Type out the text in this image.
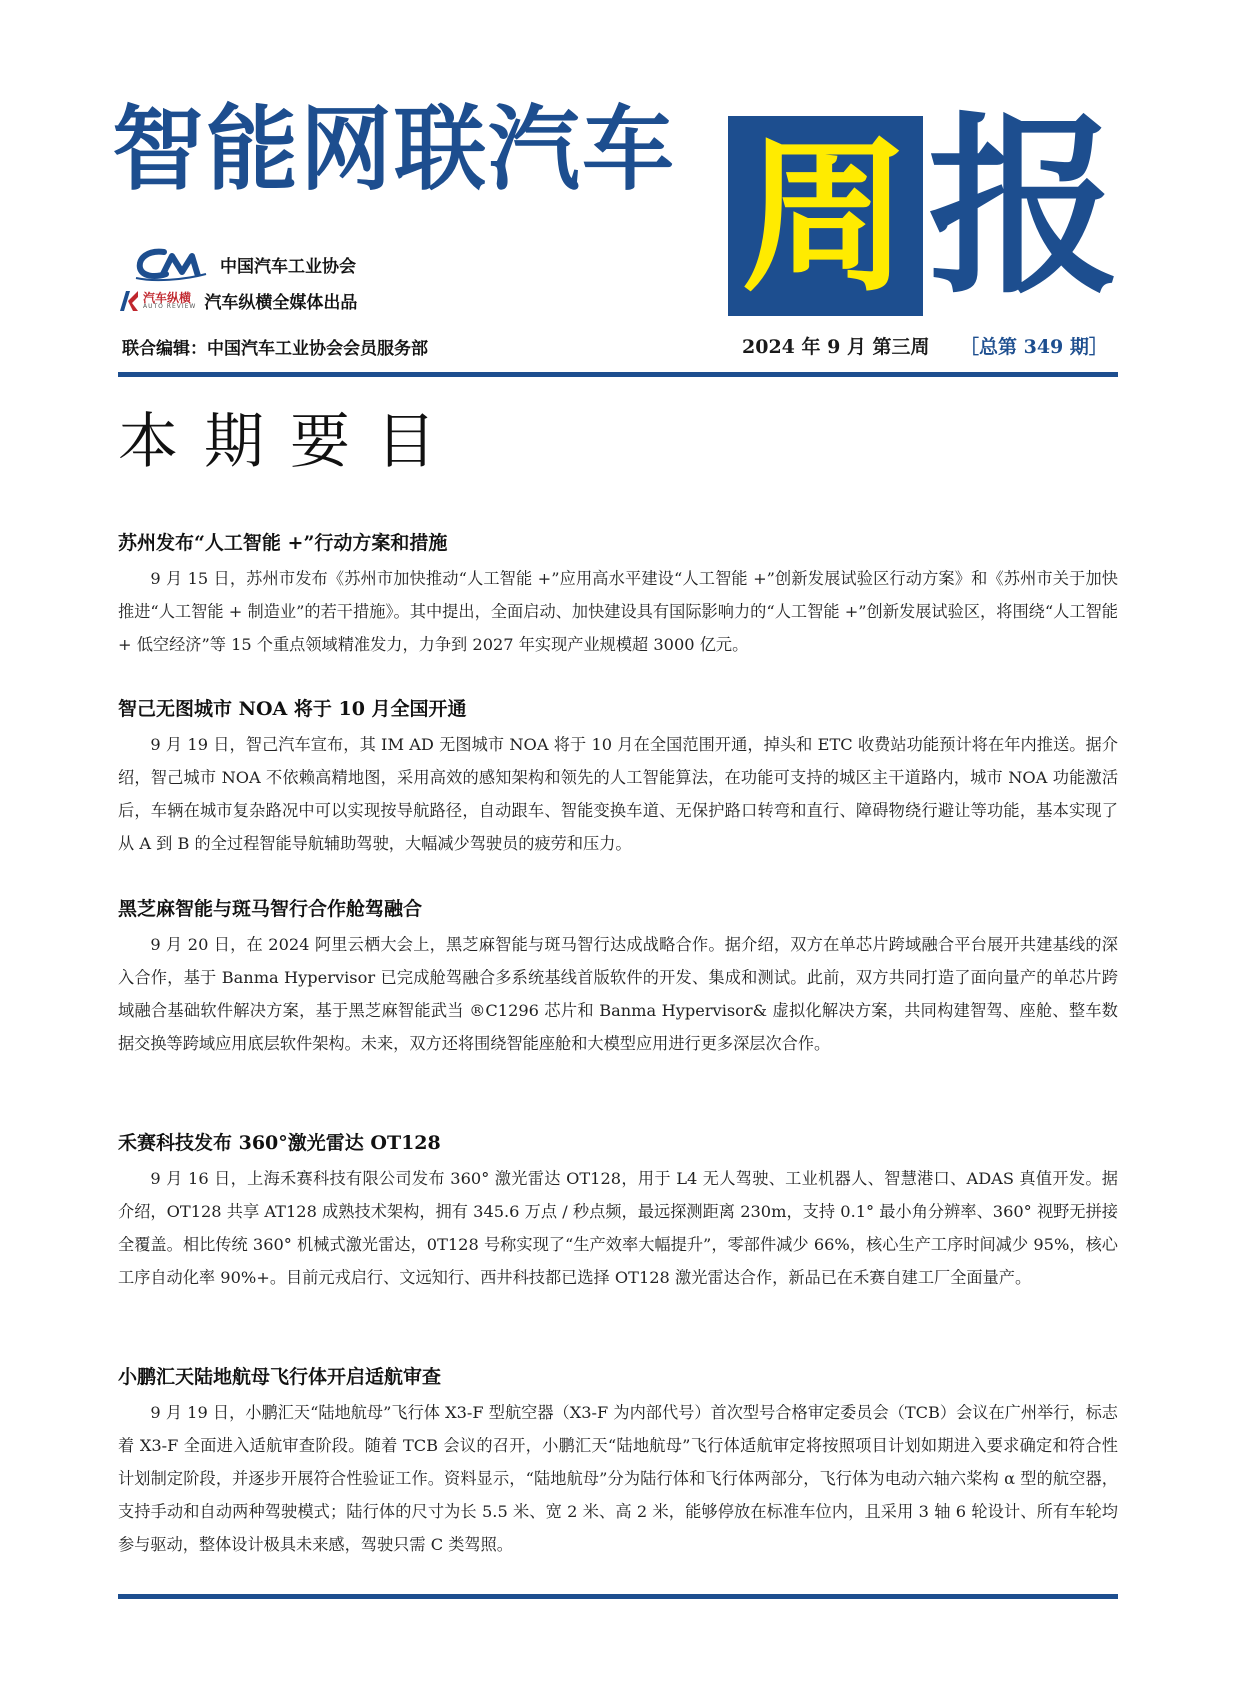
智能网联汽车 周 报
中国汽车工业协会
汽车纵横
AUTO REVIEW 汽车纵横全媒体出品
联合编辑：中国汽车工业协会会员服务部	2024 年 9 月 第三周 ［总第 349 期］
本期要目
苏州发布“人工智能 +”行动方案和措施

9 月 15 日，苏州市发布《苏州市加快推动“人工智能 +”应用高水平建设“人工智能 +”创新发展试验区行动方案》和《苏州市关于加快推进“人工智能 + 制造业”的若干措施》。其中提出，全面启动、加快建设具有国际影响力的“人工智能 +”创新发展试验区，将围绕“人工智能 + 低空经济”等 15 个重点领域精准发力，力争到 2027 年实现产业规模超 3000 亿元。

智己无图城市 NOA 将于 10 月全国开通

9 月 19 日，智己汽车宣布，其 IM AD 无图城市 NOA 将于 10 月在全国范围开通，掉头和 ETC 收费站功能预计将在年内推送。据介绍，智己城市 NOA 不依赖高精地图，采用高效的感知架构和领先的人工智能算法，在功能可支持的城区主干道路内，城市 NOA 功能激活后，车辆在城市复杂路况中可以实现按导航路径，自动跟车、智能变换车道、无保护路口转弯和直行、障碍物绕行避让等功能，基本实现了从 A 到 B 的全过程智能导航辅助驾驶，大幅减少驾驶员的疲劳和压力。

黑芝麻智能与斑马智行合作舱驾融合

9 月 20 日，在 2024 阿里云栖大会上，黑芝麻智能与斑马智行达成战略合作。据介绍，双方在单芯片跨域融合平台展开共建基线的深入合作，基于 Banma Hypervisor 已完成舱驾融合多系统基线首版软件的开发、集成和测试。此前，双方共同打造了面向量产的单芯片跨域融合基础软件解决方案，基于黑芝麻智能武当 ®C1296 芯片和 Banma Hypervisor& 虚拟化解决方案，共同构建智驾、座舱、整车数据交换等跨域应用底层软件架构。未来，双方还将围绕智能座舱和大模型应用进行更多深层次合作。

禾赛科技发布 360°激光雷达 OT128

9 月 16 日，上海禾赛科技有限公司发布 360° 激光雷达 OT128，用于 L4 无人驾驶、工业机器人、智慧港口、ADAS 真值开发。据介绍，OT128 共享 AT128 成熟技术架构，拥有 345.6 万点 / 秒点频，最远探测距离 230m，支持 0.1° 最小角分辨率、360° 视野无拼接全覆盖。相比传统 360° 机械式激光雷达，0T128 号称实现了“生产效率大幅提升”，零部件减少 66%，核心生产工序时间减少 95%，核心工序自动化率 90%+。目前元戎启行、文远知行、西井科技都已选择 OT128 激光雷达合作，新品已在禾赛自建工厂全面量产。

小鹏汇天陆地航母飞行体开启适航审查

9 月 19 日，小鹏汇天“陆地航母”飞行体 X3-F 型航空器（X3-F 为内部代号）首次型号合格审定委员会（TCB）会议在广州举行，标志着 X3-F 全面进入适航审查阶段。随着 TCB 会议的召开，小鹏汇天“陆地航母”飞行体适航审定将按照项目计划如期进入要求确定和符合性计划制定阶段，并逐步开展符合性验证工作。资料显示，“陆地航母”分为陆行体和飞行体两部分，飞行体为电动六轴六桨构 α 型的航空器，支持手动和自动两种驾驶模式；陆行体的尺寸为长 5.5 米、宽 2 米、高 2 米，能够停放在标准车位内，且采用 3 轴 6 轮设计、所有车轮均参与驱动，整体设计极具未来感，驾驶只需 C 类驾照。
